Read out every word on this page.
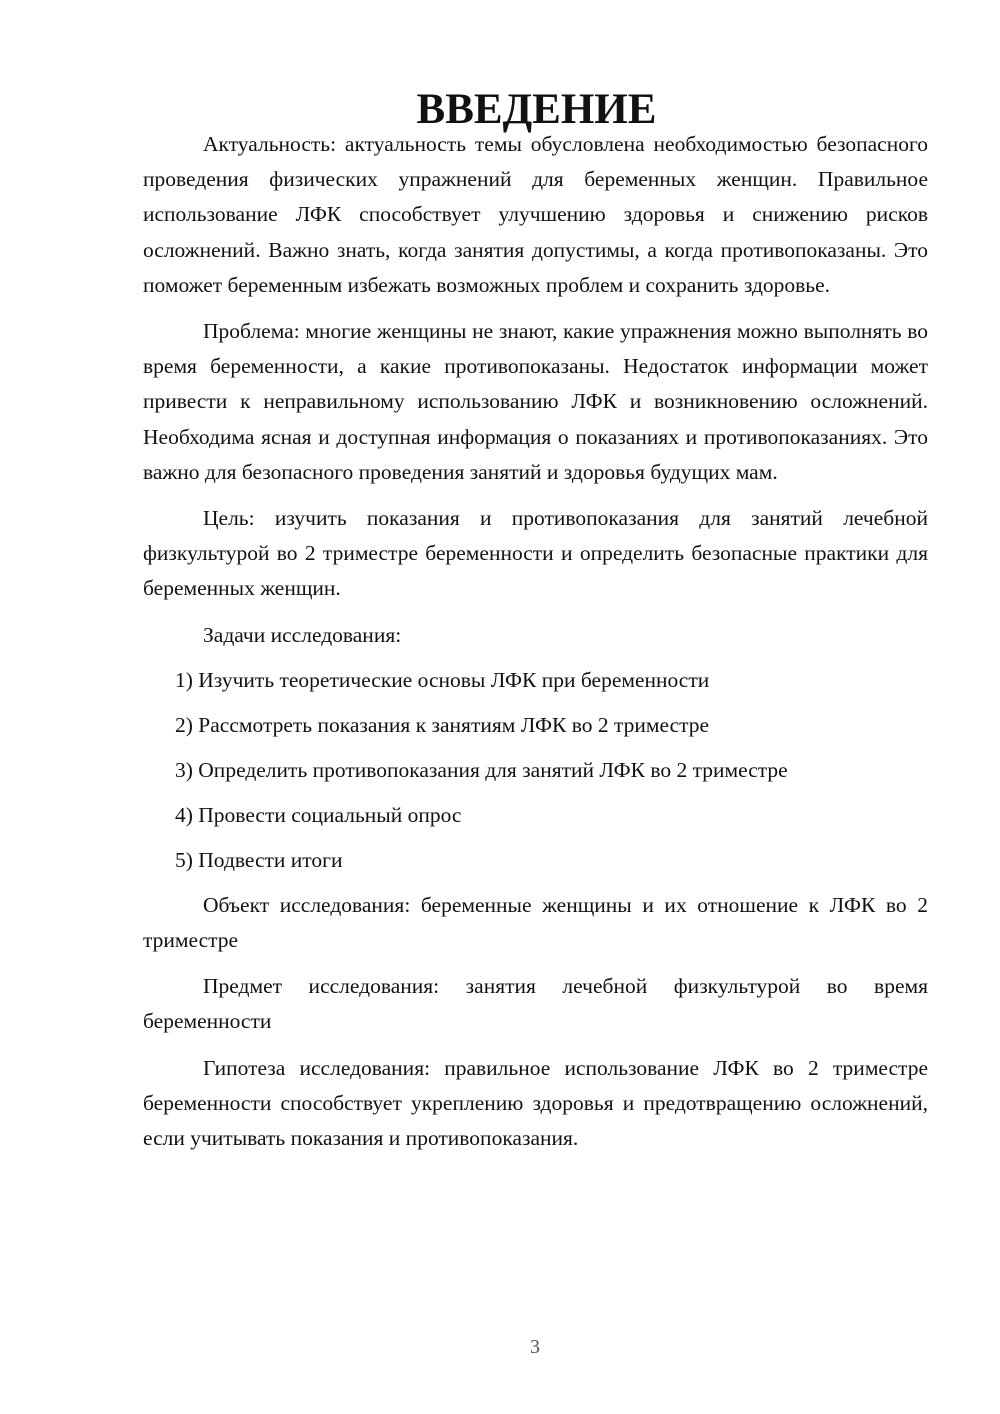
ВВЕДЕНИЕ

Актуальность: актуальность темы обусловлена необходимостью безопасного проведения физических упражнений для беременных женщин. Правильное использование ЛФК способствует улучшению здоровья и снижению рисков осложнений. Важно знать, когда занятия допустимы, а когда противопоказаны. Это поможет беременным избежать возможных проблем и сохранить здоровье.

Проблема: многие женщины не знают, какие упражнения можно выполнять во время беременности, а какие противопоказаны. Недостаток информации может привести к неправильному использованию ЛФК и возникновению осложнений. Необходима ясная и доступная информация о показаниях и противопоказаниях. Это важно для безопасного проведения занятий и здоровья будущих мам.

Цель: изучить показания и противопоказания для занятий лечебной физкультурой во 2 триместре беременности и определить безопасные практики для беременных женщин.

Задачи исследования:

1) Изучить теоретические основы ЛФК при беременности

2) Рассмотреть показания к занятиям ЛФК во 2 триместре

3) Определить противопоказания для занятий ЛФК во 2 триместре

4) Провести социальный опрос

5) Подвести итоги

Объект исследования: беременные женщины и их отношение к ЛФК во 2 триместре

Предмет исследования: занятия лечебной физкультурой во время беременности

Гипотеза исследования: правильное использование ЛФК во 2 триместре беременности способствует укреплению здоровья и предотвращению осложнений, если учитывать показания и противопоказания.

3
